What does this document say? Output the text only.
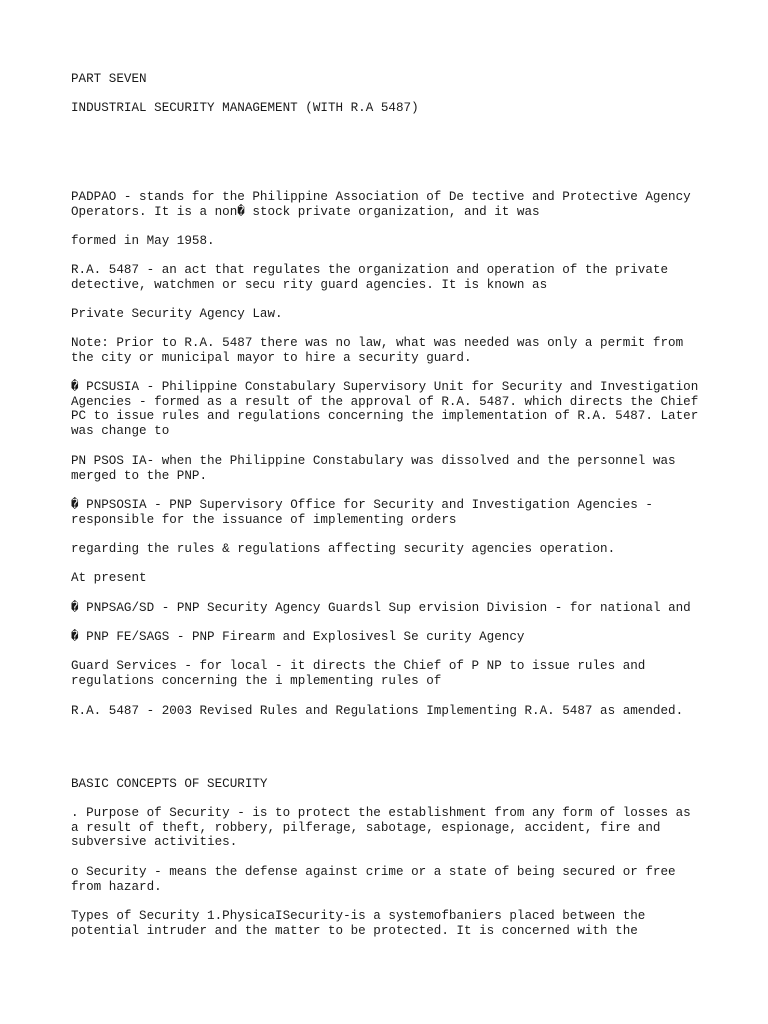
PART SEVEN
INDUSTRIAL SECURITY MANAGEMENT (WITH R.A 5487)
PADPAO - stands for the Philippine Association of De tective and Protective Agency
Operators. It is a non� stock private organization, and it was
formed in May 1958.
R.A. 5487 - an act that regulates the organization and operation of the private
detective, watchmen or secu rity guard agencies. It is known as
Private Security Agency Law.
Note: Prior to R.A. 5487 there was no law, what was needed was only a permit from
the city or municipal mayor to hire a security guard.
� PCSUSIA - Philippine Constabulary Supervisory Unit for Security and Investigation
Agencies - formed as a result of the approval of R.A. 5487. which directs the Chief
PC to issue rules and regulations concerning the implementation of R.A. 5487. Later
was change to
PN PSOS IA- when the Philippine Constabulary was dissolved and the personnel was
merged to the PNP.
� PNPSOSIA - PNP Supervisory Office for Security and Investigation Agencies -
responsible for the issuance of implementing orders
regarding the rules & regulations affecting security agencies operation.
At present
� PNPSAG/SD - PNP Security Agency Guardsl Sup ervision Division - for national and
� PNP FE/SAGS - PNP Firearm and Explosivesl Se curity Agency
Guard Services - for local - it directs the Chief of P NP to issue rules and
regulations concerning the i mplementing rules of
R.A. 5487 - 2003 Revised Rules and Regulations Implementing R.A. 5487 as amended.
BASIC CONCEPTS OF SECURITY
. Purpose of Security - is to protect the establishment from any form of losses as
a result of theft, robbery, pilferage, sabotage, espionage, accident, fire and
subversive activities.
o Security - means the defense against crime or a state of being secured or free
from hazard.
Types of Security 1.PhysicaISecurity-is a systemofbaniers placed between the
potential intruder and the matter to be protected. It is concerned with the
